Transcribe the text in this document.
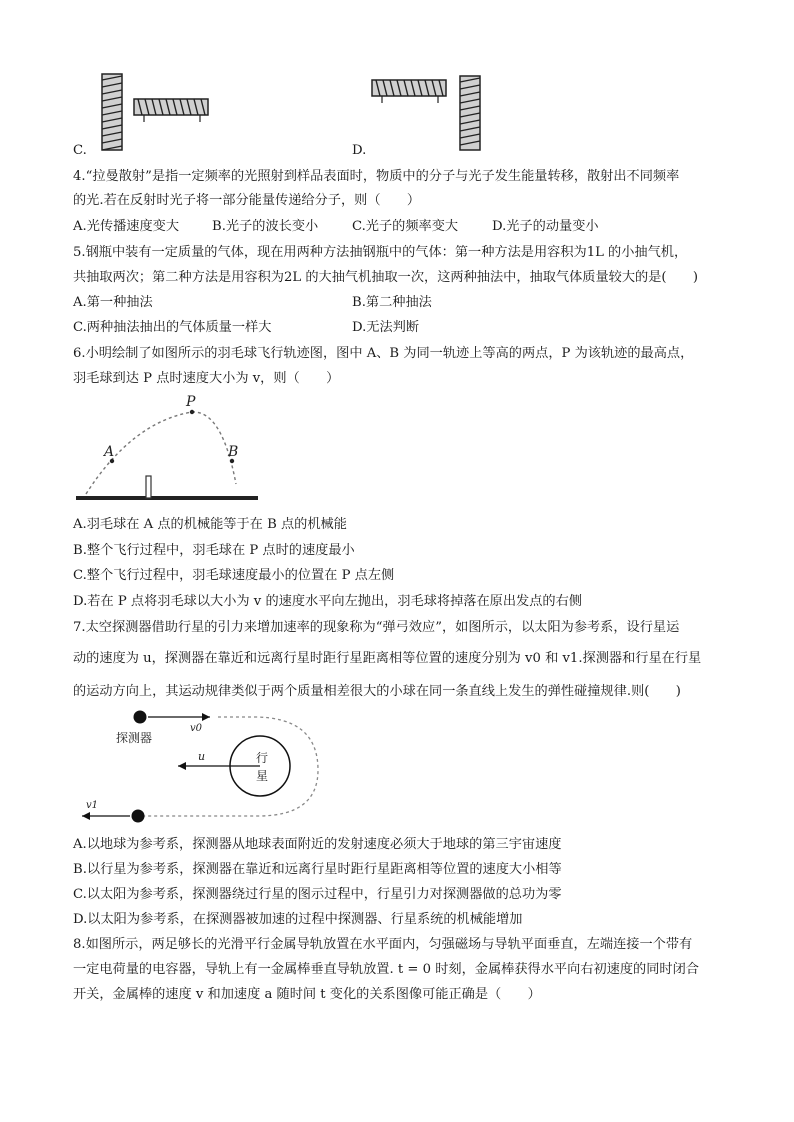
C.	D.
4.“拉曼散射”是指一定频率的光照射到样品表面时，物质中的分子与光子发生能量转移，散射出不同频率
的光.若在反射时光子将一部分能量传递给分子，则（　　）
A.光传播速度变大 B.光子的波长变小	C.光子的频率变大	D.光子的动量变小
5.钢瓶中装有一定质量的气体，现在用两种方法抽钢瓶中的气体：第一种方法是用容积为1L 的小抽气机，
共抽取两次；第二种方法是用容积为2L 的大抽气机抽取一次，这两种抽法中，抽取气体质量较大的是(　　)
A.第一种抽法	B.第二种抽法
C.两种抽法抽出的气体质量一样大	D.无法判断
6.小明绘制了如图所示的羽毛球飞行轨迹图，图中 A、B 为同一轨迹上等高的两点，P 为该轨迹的最高点，
羽毛球到达 P 点时速度大小为 v，则（　　）
P
A	B
A.羽毛球在 A 点的机械能等于在 B 点的机械能
B.整个飞行过程中，羽毛球在 P 点时的速度最小
C.整个飞行过程中，羽毛球速度最小的位置在 P 点左侧
D.若在 P 点将羽毛球以大小为 v 的速度水平向左抛出，羽毛球将掉落在原出发点的右侧
7.太空探测器借助行星的引力来增加速率的现象称为“弹弓效应”，如图所示，以太阳为参考系，设行星运
动的速度为 u，探测器在靠近和远离行星时距行星距离相等位置的速度分别为 v0 和 v1.探测器和行星在行星
的运动方向上，其运动规律类似于两个质量相差很大的小球在同一条直线上发生的弹性碰撞规律.则(　　)
v0
探测器
行
星
u
v1
A.以地球为参考系，探测器从地球表面附近的发射速度必须大于地球的第三宇宙速度
B.以行星为参考系，探测器在靠近和远离行星时距行星距离相等位置的速度大小相等
C.以太阳为参考系，探测器绕过行星的图示过程中，行星引力对探测器做的总功为零
D.以太阳为参考系，在探测器被加速的过程中探测器、行星系统的机械能增加
8.如图所示，两足够长的光滑平行金属导轨放置在水平面内，匀强磁场与导轨平面垂直，左端连接一个带有
一定电荷量的电容器，导轨上有一金属棒垂直导轨放置. t = 0 时刻，金属棒获得水平向右初速度的同时闭合
开关，金属棒的速度 v 和加速度 a 随时间 t 变化的关系图像可能正确是（　　）
